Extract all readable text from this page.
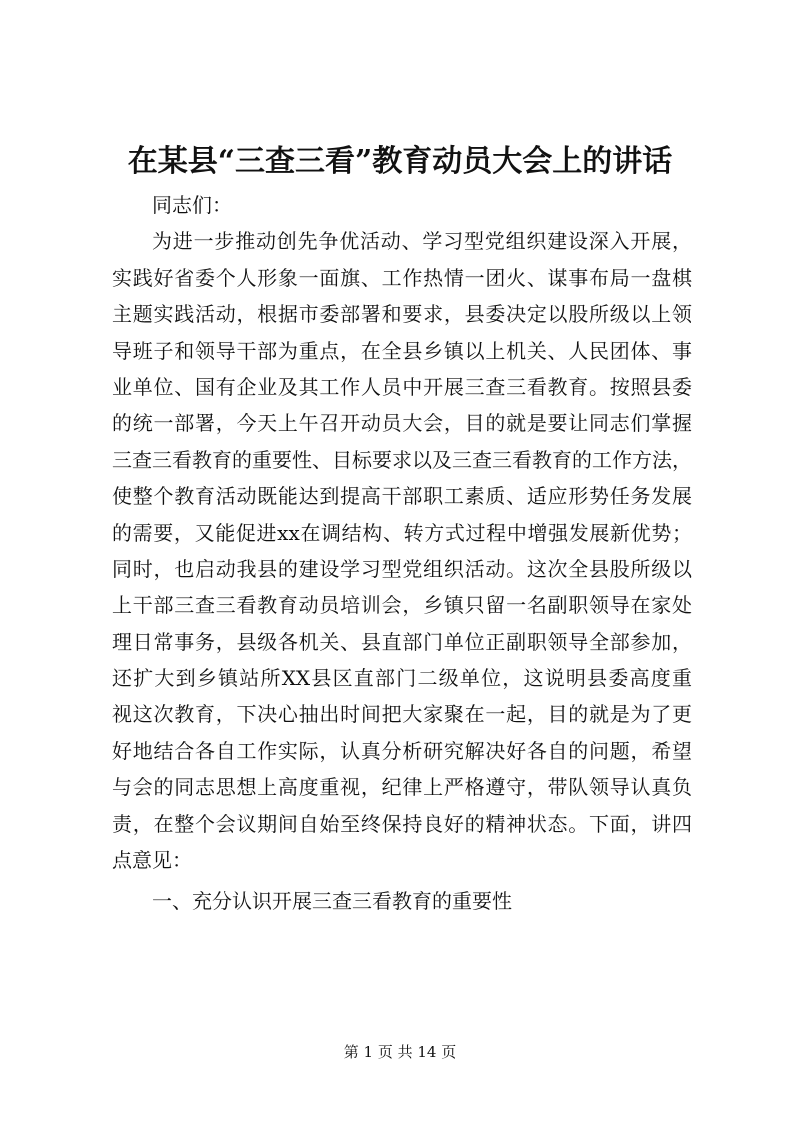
在某县“三查三看”教育动员大会上的讲话
同志们：
为进一步推动创先争优活动、学习型党组织建设深入开展，
实践好省委个人形象一面旗、工作热情一团火、谋事布局一盘棋
主题实践活动，根据市委部署和要求，县委决定以股所级以上领
导班子和领导干部为重点，在全县乡镇以上机关、人民团体、事
业单位、国有企业及其工作人员中开展三查三看教育。按照县委
的统一部署，今天上午召开动员大会，目的就是要让同志们掌握
三查三看教育的重要性、目标要求以及三查三看教育的工作方法，
使整个教育活动既能达到提高干部职工素质、适应形势任务发展
的需要，又能促进xx在调结构、转方式过程中增强发展新优势；
同时，也启动我县的建设学习型党组织活动。这次全县股所级以
上干部三查三看教育动员培训会，乡镇只留一名副职领导在家处
理日常事务，县级各机关、县直部门单位正副职领导全部参加，
还扩大到乡镇站所XX县区直部门二级单位，这说明县委高度重
视这次教育，下决心抽出时间把大家聚在一起，目的就是为了更
好地结合各自工作实际，认真分析研究解决好各自的问题，希望
与会的同志思想上高度重视，纪律上严格遵守，带队领导认真负
责，在整个会议期间自始至终保持良好的精神状态。下面，讲四
点意见：
一、充分认识开展三查三看教育的重要性
第 1 页 共 14 页
